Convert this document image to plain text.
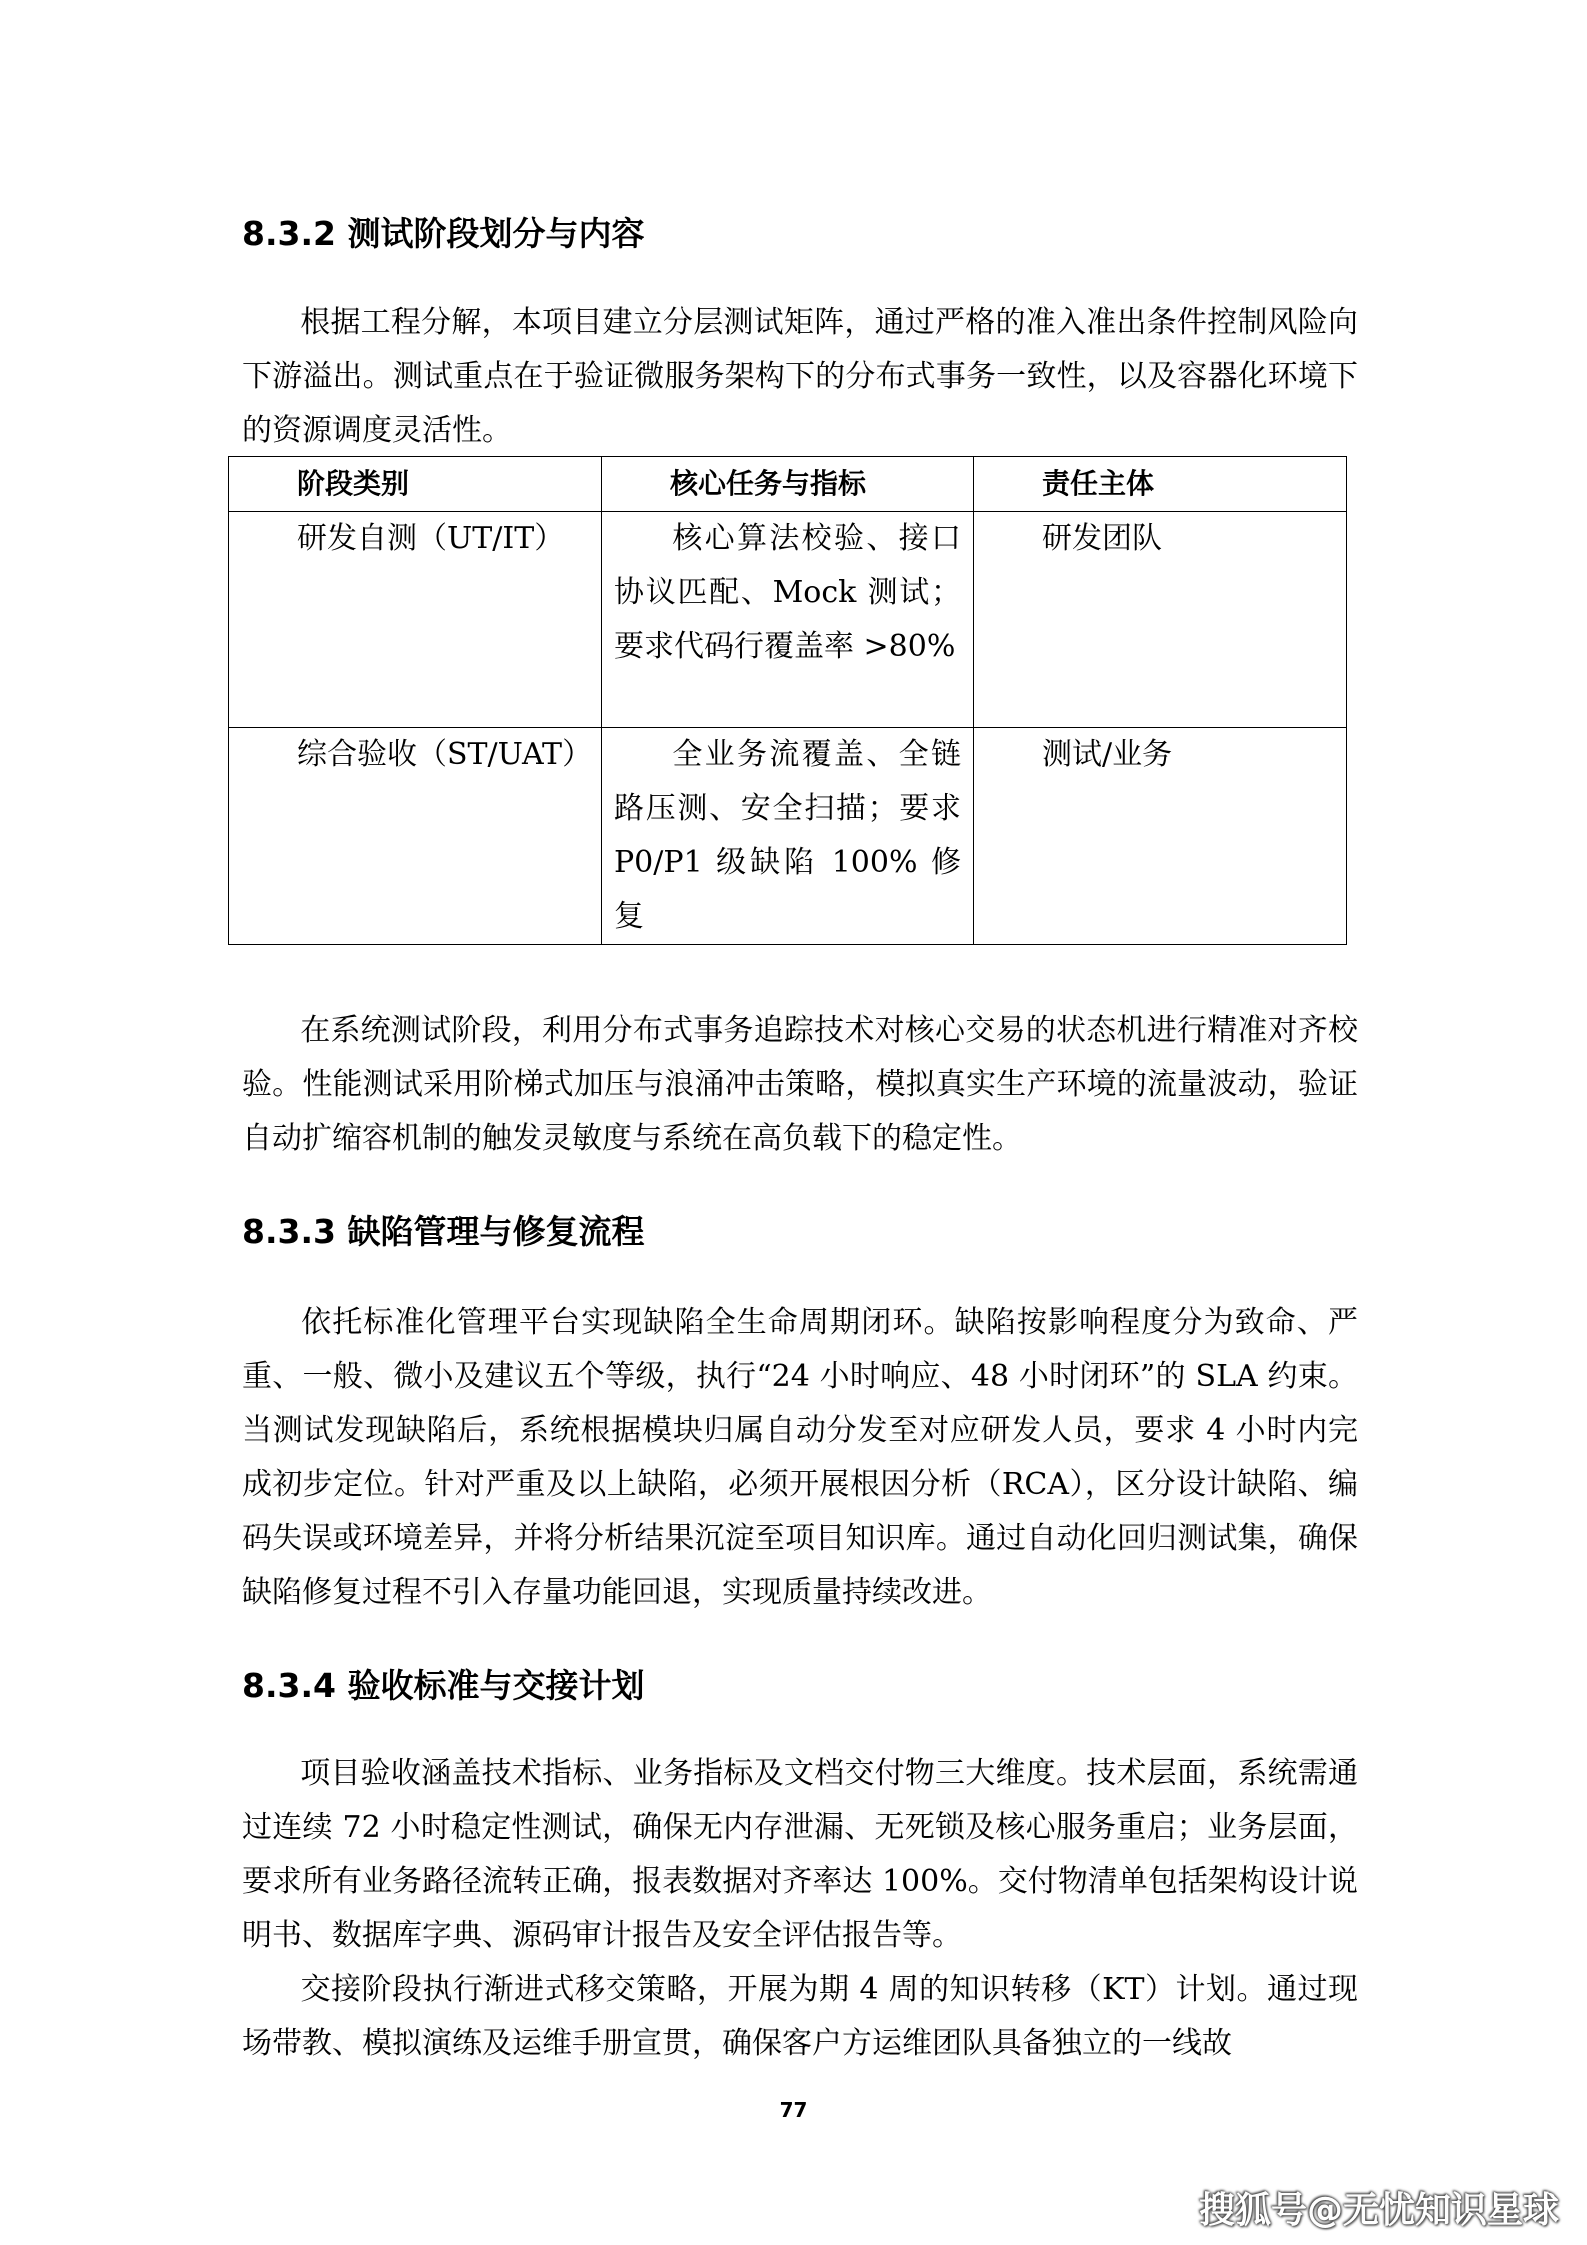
8.3.2 测试阶段划分与内容

根据工程分解，本项目建立分层测试矩阵，通过严格的准入准出条件控制风险向下游溢出。测试重点在于验证微服务架构下的分布式事务一致性，以及容器化环境下的资源调度灵活性。

阶段类别	核心任务与指标	责任主体
研发自测（UT/IT）	核心算法校验、接口协议匹配、Mock 测试；要求代码行覆盖率 >80%	研发团队
综合验收（ST/UAT）	全业务流覆盖、全链路压测、安全扫描；要求 P0/P1 级缺陷 100% 修复	测试/业务

在系统测试阶段，利用分布式事务追踪技术对核心交易的状态机进行精准对齐校验。性能测试采用阶梯式加压与浪涌冲击策略，模拟真实生产环境的流量波动，验证自动扩缩容机制的触发灵敏度与系统在高负载下的稳定性。

8.3.3 缺陷管理与修复流程

依托标准化管理平台实现缺陷全生命周期闭环。缺陷按影响程度分为致命、严重、一般、微小及建议五个等级，执行“24 小时响应、48 小时闭环”的 SLA 约束。当测试发现缺陷后，系统根据模块归属自动分发至对应研发人员，要求 4 小时内完成初步定位。针对严重及以上缺陷，必须开展根因分析（RCA），区分设计缺陷、编码失误或环境差异，并将分析结果沉淀至项目知识库。通过自动化回归测试集，确保缺陷修复过程不引入存量功能回退，实现质量持续改进。

8.3.4 验收标准与交接计划

项目验收涵盖技术指标、业务指标及文档交付物三大维度。技术层面，系统需通过连续 72 小时稳定性测试，确保无内存泄漏、无死锁及核心服务重启；业务层面，要求所有业务路径流转正确，报表数据对齐率达 100%。交付物清单包括架构设计说明书、数据库字典、源码审计报告及安全评估报告等。

交接阶段执行渐进式移交策略，开展为期 4 周的知识转移（KT）计划。通过现场带教、模拟演练及运维手册宣贯，确保客户方运维团队具备独立的一线故

77
搜狐号@无忧知识星球
